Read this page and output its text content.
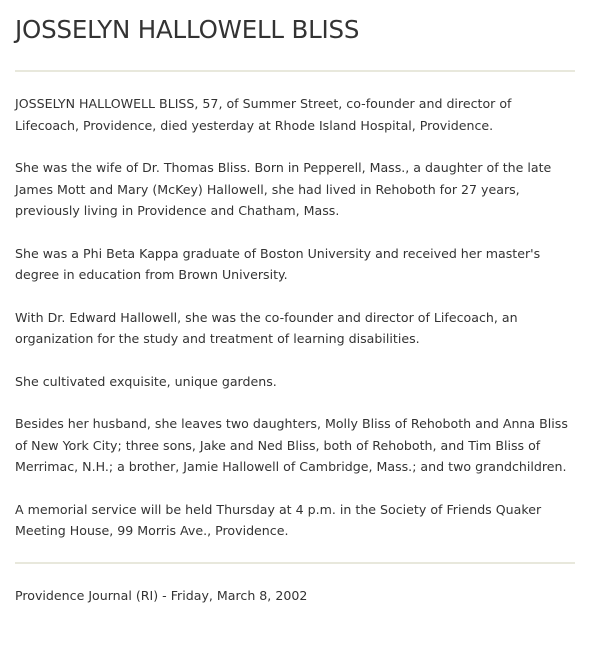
JOSSELYN HALLOWELL BLISS

JOSSELYN HALLOWELL BLISS, 57, of Summer Street, co-founder and director of Lifecoach, Providence, died yesterday at Rhode Island Hospital, Providence.

She was the wife of Dr. Thomas Bliss. Born in Pepperell, Mass., a daughter of the late James Mott and Mary (McKey) Hallowell, she had lived in Rehoboth for 27 years, previously living in Providence and Chatham, Mass.

She was a Phi Beta Kappa graduate of Boston University and received her master's degree in education from Brown University.

With Dr. Edward Hallowell, she was the co-founder and director of Lifecoach, an organization for the study and treatment of learning disabilities.

She cultivated exquisite, unique gardens.

Besides her husband, she leaves two daughters, Molly Bliss of Rehoboth and Anna Bliss of New York City; three sons, Jake and Ned Bliss, both of Rehoboth, and Tim Bliss of Merrimac, N.H.; a brother, Jamie Hallowell of Cambridge, Mass.; and two grandchildren.

A memorial service will be held Thursday at 4 p.m. in the Society of Friends Quaker Meeting House, 99 Morris Ave., Providence.

Providence Journal (RI) - Friday, March 8, 2002
